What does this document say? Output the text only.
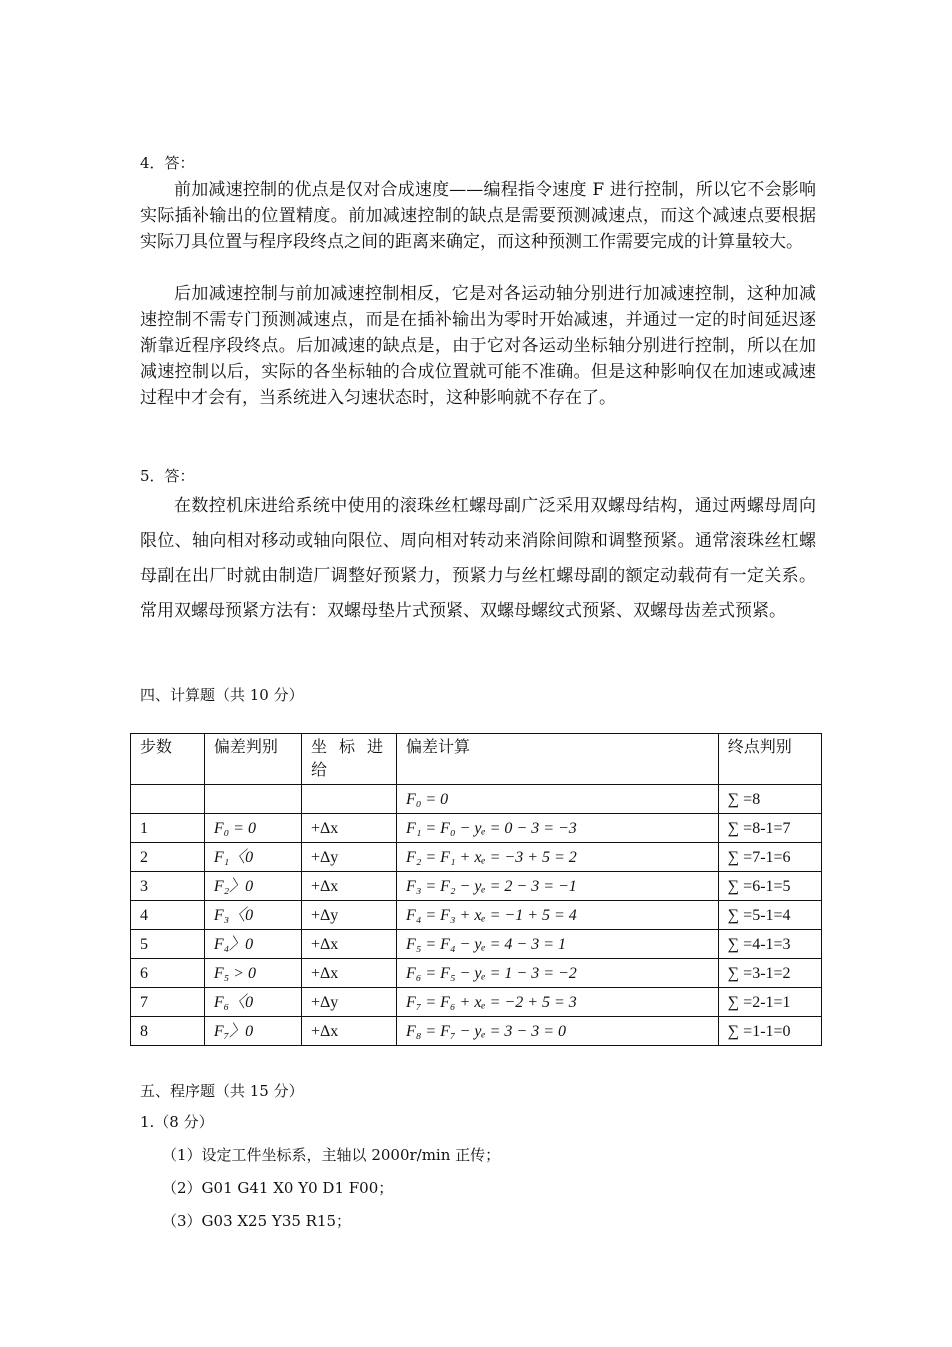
4．答：

前加减速控制的优点是仅对合成速度——编程指令速度 F 进行控制，所以它不会影响实际插补输出的位置精度。前加减速控制的缺点是需要预测减速点，而这个减速点要根据实际刀具位置与程序段终点之间的距离来确定，而这种预测工作需要完成的计算量较大。

后加减速控制与前加减速控制相反，它是对各运动轴分别进行加减速控制，这种加减速控制不需专门预测减速点，而是在插补输出为零时开始减速，并通过一定的时间延迟逐渐靠近程序段终点。后加减速的缺点是，由于它对各运动坐标轴分别进行控制，所以在加减速控制以后，实际的各坐标轴的合成位置就可能不准确。但是这种影响仅在加速或减速过程中才会有，当系统进入匀速状态时，这种影响就不存在了。

5．答：

在数控机床进给系统中使用的滚珠丝杠螺母副广泛采用双螺母结构，通过两螺母周向限位、轴向相对移动或轴向限位、周向相对转动来消除间隙和调整预紧。通常滚珠丝杠螺母副在出厂时就由制造厂调整好预紧力，预紧力与丝杠螺母副的额定动载荷有一定关系。常用双螺母预紧方法有：双螺母垫片式预紧、双螺母螺纹式预紧、双螺母齿差式预紧。

四、计算题（共 10 分）
步数	偏差判别	坐 标 进 给	偏差计算	终点判别
			F₀ = 0	∑ =8
1	F₀ = 0	+Δx	F₁ = F₀ − yₑ = 0 − 3 = −3	∑ =8-1=7
2	F₁〈0	+Δy	F₂ = F₁ + xₑ = −3 + 5 = 2	∑ =7-1=6
3	F₂〉0	+Δx	F₃ = F₂ − yₑ = 2 − 3 = −1	∑ =6-1=5
4	F₃〈0	+Δy	F₄ = F₃ + xₑ = −1 + 5 = 4	∑ =5-1=4
5	F₄〉0	+Δx	F₅ = F₄ − yₑ = 4 − 3 = 1	∑ =4-1=3
6	F₅ > 0	+Δx	F₆ = F₅ − yₑ = 1 − 3 = −2	∑ =3-1=2
7	F₆〈0	+Δy	F₇ = F₆ + xₑ = −2 + 5 = 3	∑ =2-1=1
8	F₇〉0	+Δx	F₈ = F₇ − yₑ = 3 − 3 = 0	∑ =1-1=0
五、程序题（共 15 分）
1.（8 分）
（1）设定工件坐标系，主轴以 2000r/min 正传；
（2）G01 G41 X0 Y0 D1 F00；
（3）G03 X25 Y35 R15；
